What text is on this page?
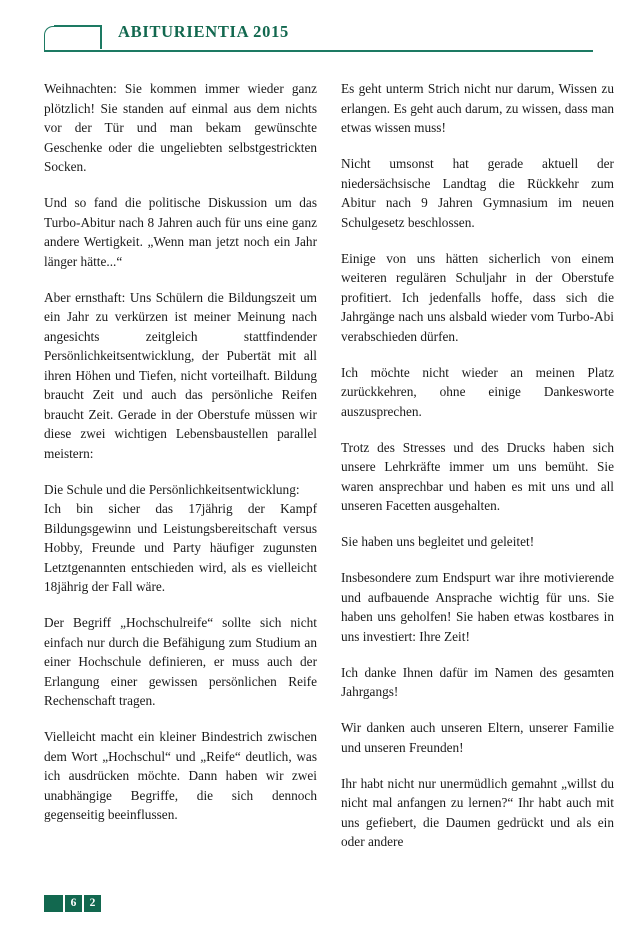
ABITURIENTIA 2015

Weihnachten: Sie kommen immer wieder ganz plötzlich! Sie standen auf einmal aus dem nichts vor der Tür und man bekam gewünschte Geschenke oder die ungeliebten selbstgestrickten Socken.

Und so fand die politische Diskussion um das Turbo-Abitur nach 8 Jahren auch für uns eine ganz andere Wertigkeit. „Wenn man jetzt noch ein Jahr länger hätte...“

Aber ernsthaft: Uns Schülern die Bildungszeit um ein Jahr zu verkürzen ist meiner Meinung nach angesichts zeitgleich stattfindender Persönlichkeitsentwicklung, der Pubertät mit all ihren Höhen und Tiefen, nicht vorteilhaft. Bildung braucht Zeit und auch das persönliche Reifen braucht Zeit. Gerade in der Oberstufe müssen wir diese zwei wichtigen Lebensbaustellen parallel meistern:

Die Schule und die Persönlichkeitsentwicklung:

Ich bin sicher das 17jährig der Kampf Bildungsgewinn und Leistungsbereitschaft versus Hobby, Freunde und Party häufiger zugunsten Letztgenannten entschieden wird, als es vielleicht 18jährig der Fall wäre.

Der Begriff „Hochschulreife“ sollte sich nicht einfach nur durch die Befähigung zum Studium an einer Hochschule definieren, er muss auch der Erlangung einer gewissen persönlichen Reife Rechenschaft tragen.

Vielleicht macht ein kleiner Bindestrich zwischen dem Wort „Hochschul“ und „Reife“ deutlich, was ich ausdrücken möchte. Dann haben wir zwei unabhängige Begriffe, die sich dennoch gegenseitig beeinflussen.

Es geht unterm Strich nicht nur darum, Wissen zu erlangen. Es geht auch darum, zu wissen, dass man etwas wissen muss!

Nicht umsonst hat gerade aktuell der niedersächsische Landtag die Rückkehr zum Abitur nach 9 Jahren Gymnasium im neuen Schulgesetz beschlossen.

Einige von uns hätten sicherlich von einem weiteren regulären Schuljahr in der Oberstufe profitiert. Ich jedenfalls hoffe, dass sich die Jahrgänge nach uns alsbald wieder vom Turbo-Abi verabschieden dürfen.

Ich möchte nicht wieder an meinen Platz zurückkehren, ohne einige Dankesworte auszusprechen.

Trotz des Stresses und des Drucks haben sich unsere Lehrkräfte immer um uns bemüht. Sie waren ansprechbar und haben es mit uns und all unseren Facetten ausgehalten.

Sie haben uns begleitet und geleitet!

Insbesondere zum Endspurt war ihre motivierende und aufbauende Ansprache wichtig für uns. Sie haben uns geholfen! Sie haben etwas kostbares in uns investiert: Ihre Zeit!

Ich danke Ihnen dafür im Namen des gesamten Jahrgangs!

Wir danken auch unseren Eltern, unserer Familie und unseren Freunden!

Ihr habt nicht nur unermüdlich gemahnt „willst du nicht mal anfangen zu lernen?“ Ihr habt auch mit uns gefiebert, die Daumen gedrückt und als ein oder andere

6	2
